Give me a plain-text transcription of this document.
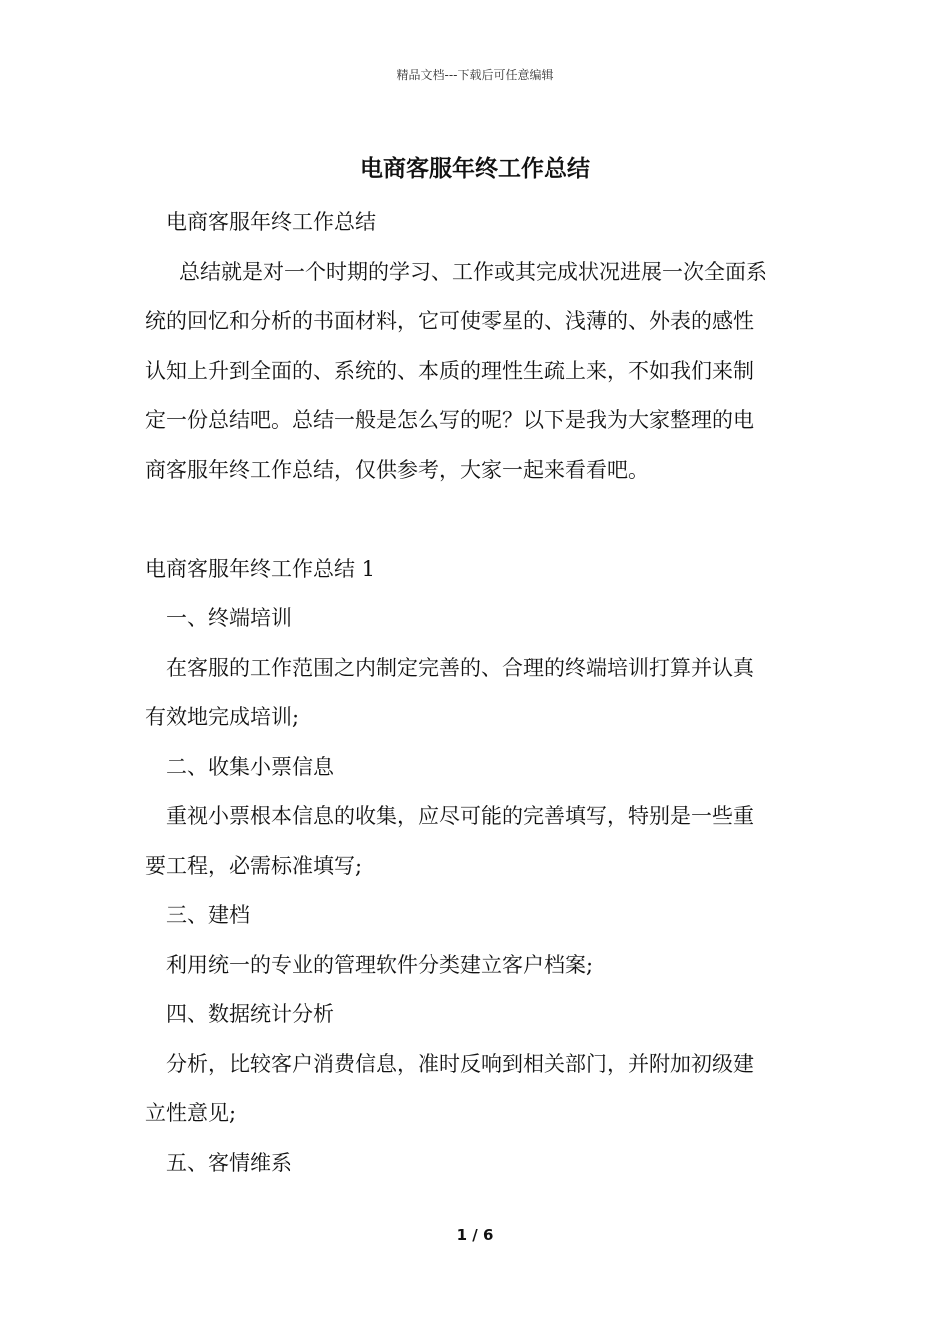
精品文档---下载后可任意编辑
电商客服年终工作总结
电商客服年终工作总结
总结就是对一个时期的学习、工作或其完成状况进展一次全面系
统的回忆和分析的书面材料，它可使零星的、浅薄的、外表的感性
认知上升到全面的、系统的、本质的理性生疏上来，不如我们来制
定一份总结吧。总结一般是怎么写的呢？以下是我为大家整理的电
商客服年终工作总结，仅供参考，大家一起来看看吧。
电商客服年终工作总结 1
一、终端培训
在客服的工作范围之内制定完善的、合理的终端培训打算并认真
有效地完成培训;
二、收集小票信息
重视小票根本信息的收集，应尽可能的完善填写，特别是一些重
要工程，必需标准填写;
三、建档
利用统一的专业的管理软件分类建立客户档案;
四、数据统计分析
分析，比较客户消费信息，准时反响到相关部门，并附加初级建
立性意见;
五、客情维系
1 / 6
